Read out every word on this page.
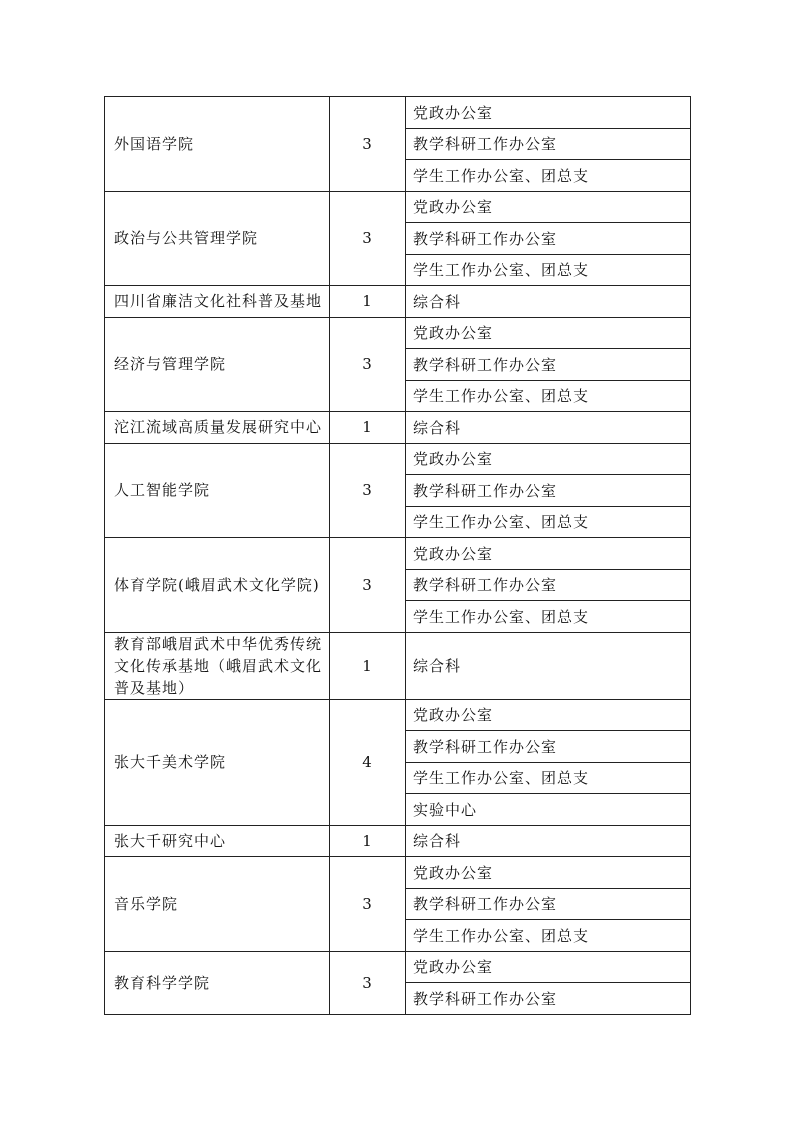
外国语学院	3	党政办公室
		教学科研工作办公室
		学生工作办公室、团总支
政治与公共管理学院	3	党政办公室
		教学科研工作办公室
		学生工作办公室、团总支
四川省廉洁文化社科普及基地	1	综合科
经济与管理学院	3	党政办公室
		教学科研工作办公室
		学生工作办公室、团总支
沱江流域高质量发展研究中心	1	综合科
人工智能学院	3	党政办公室
		教学科研工作办公室
		学生工作办公室、团总支
体育学院(峨眉武术文化学院)	3	党政办公室
		教学科研工作办公室
		学生工作办公室、团总支
教育部峨眉武术中华优秀传统文化传承基地（峨眉武术文化普及基地）	1	综合科
张大千美术学院	4	党政办公室
		教学科研工作办公室
		学生工作办公室、团总支
		实验中心
张大千研究中心	1	综合科
音乐学院	3	党政办公室
		教学科研工作办公室
		学生工作办公室、团总支
教育科学学院	3	党政办公室
		教学科研工作办公室
